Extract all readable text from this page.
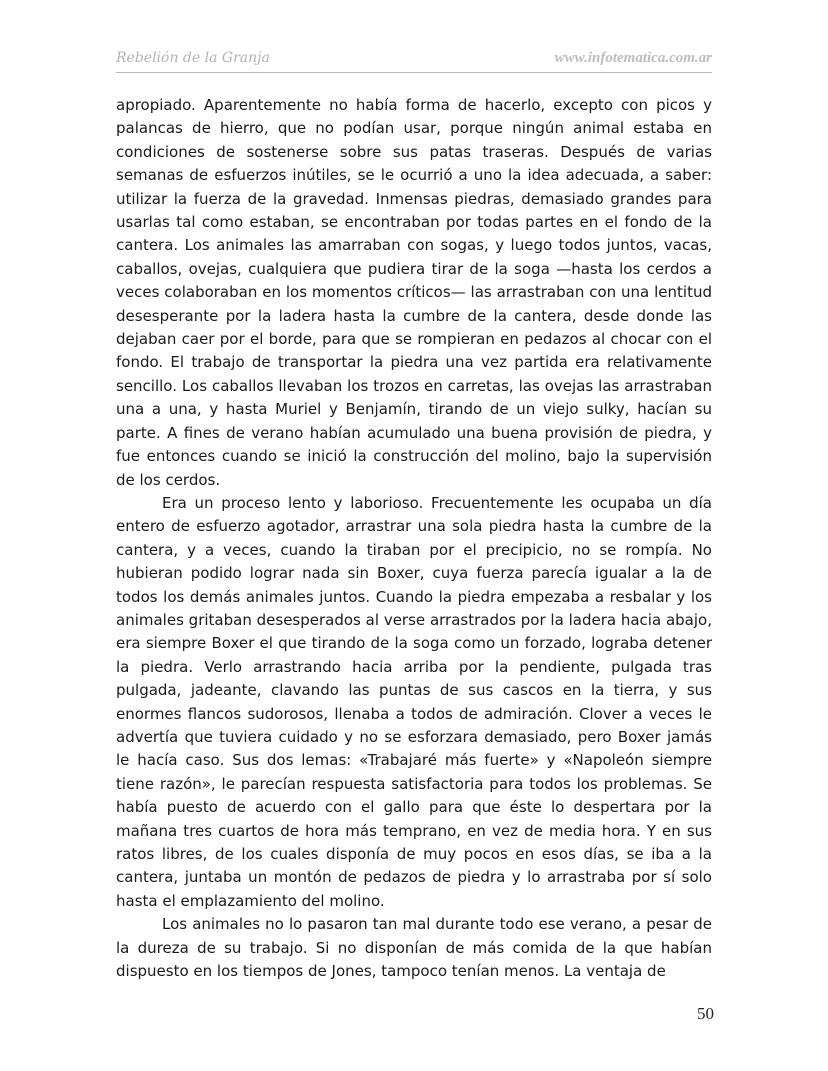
Rebelión de la Granja	www.infotematica.com.ar

apropiado. Aparentemente no había forma de hacerlo, excepto con picos y palancas de hierro, que no podían usar, porque ningún animal estaba en condiciones de sostenerse sobre sus patas traseras. Después de varias semanas de esfuerzos inútiles, se le ocurrió a uno la idea adecuada, a saber: utilizar la fuerza de la gravedad. Inmensas piedras, demasiado grandes para usarlas tal como estaban, se encontraban por todas partes en el fondo de la cantera. Los animales las amarraban con sogas, y luego todos juntos, vacas, caballos, ovejas, cualquiera que pudiera tirar de la soga —hasta los cerdos a veces colaboraban en los momentos críticos— las arrastraban con una lentitud desesperante por la ladera hasta la cumbre de la cantera, desde donde las dejaban caer por el borde, para que se rompieran en pedazos al chocar con el fondo. El trabajo de transportar la piedra una vez partida era relativamente sencillo. Los caballos llevaban los trozos en carretas, las ovejas las arrastraban una a una, y hasta Muriel y Benjamín, tirando de un viejo sulky, hacían su parte. A fines de verano habían acumulado una buena provisión de piedra, y fue entonces cuando se inició la construcción del molino, bajo la supervisión de los cerdos.

Era un proceso lento y laborioso. Frecuentemente les ocupaba un día entero de esfuerzo agotador, arrastrar una sola piedra hasta la cumbre de la cantera, y a veces, cuando la tiraban por el precipicio, no se rompía. No hubieran podido lograr nada sin Boxer, cuya fuerza parecía igualar a la de todos los demás animales juntos. Cuando la piedra empezaba a resbalar y los animales gritaban desesperados al verse arrastrados por la ladera hacia abajo, era siempre Boxer el que tirando de la soga como un forzado, lograba detener la piedra. Verlo arrastrando hacia arriba por la pendiente, pulgada tras pulgada, jadeante, clavando las puntas de sus cascos en la tierra, y sus enormes flancos sudorosos, llenaba a todos de admiración. Clover a veces le advertía que tuviera cuidado y no se esforzara demasiado, pero Boxer jamás le hacía caso. Sus dos lemas: «Trabajaré más fuerte» y «Napoleón siempre tiene razón», le parecían respuesta satisfactoria para todos los problemas. Se había puesto de acuerdo con el gallo para que éste lo despertara por la mañana tres cuartos de hora más temprano, en vez de media hora. Y en sus ratos libres, de los cuales disponía de muy pocos en esos días, se iba a la cantera, juntaba un montón de pedazos de piedra y lo arrastraba por sí solo hasta el emplazamiento del molino.

Los animales no lo pasaron tan mal durante todo ese verano, a pesar de la dureza de su trabajo. Si no disponían de más comida de la que habían dispuesto en los tiempos de Jones, tampoco tenían menos. La ventaja de

50
